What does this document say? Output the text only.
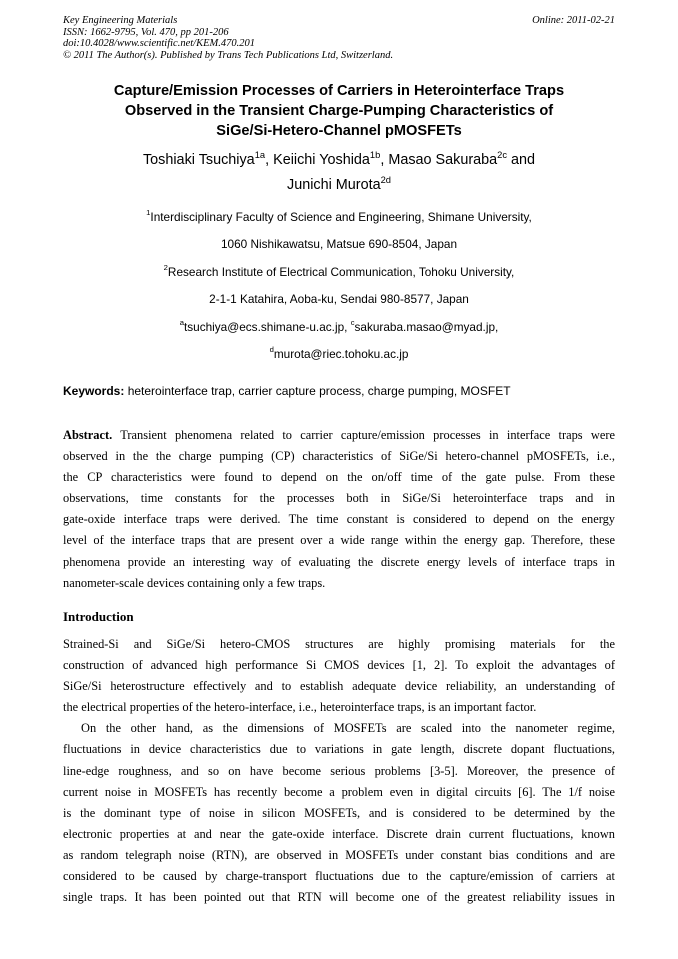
Key Engineering Materials
ISSN: 1662-9795, Vol. 470, pp 201-206
doi:10.4028/www.scientific.net/KEM.470.201
© 2011 The Author(s). Published by Trans Tech Publications Ltd, Switzerland.
Online: 2011-02-21
Capture/Emission Processes of Carriers in Heterointerface Traps
Observed in the Transient Charge-Pumping Characteristics of
SiGe/Si-Hetero-Channel pMOSFETs
Toshiaki Tsuchiya$^{1a}$, Keiichi Yoshida$^{1b}$, Masao Sakuraba$^{2c}$ and
Junichi Murota$^{2d}$
$^1$Interdisciplinary Faculty of Science and Engineering, Shimane University,
1060 Nishikawatsu, Matsue 690-8504, Japan
$^2$Research Institute of Electrical Communication, Tohoku University,
2-1-1 Katahira, Aoba-ku, Sendai 980-8577, Japan
$^a$tsuchiya@ecs.shimane-u.ac.jp, $^c$sakuraba.masao@myad.jp,
$^d$murota@riec.tohoku.ac.jp
Keywords: heterointerface trap, carrier capture process, charge pumping, MOSFET
Abstract. Transient phenomena related to carrier capture/emission processes in interface traps were
observed in the the charge pumping (CP) characteristics of SiGe/Si hetero-channel pMOSFETs, i.e.,
the CP characteristics were found to depend on the on/off time of the gate pulse. From these
observations, time constants for the processes both in SiGe/Si heterointerface traps and in
gate-oxide interface traps were derived. The time constant is considered to depend on the energy
level of the interface traps that are present over a wide range within the energy gap. Therefore, these
phenomena provide an interesting way of evaluating the discrete energy levels of interface traps in
nanometer-scale devices containing only a few traps.
Introduction
Strained-Si and SiGe/Si hetero-CMOS structures are highly promising materials for the
construction of advanced high performance Si CMOS devices [1, 2]. To exploit the advantages of
SiGe/Si heterostructure effectively and to establish adequate device reliability, an understanding of
the electrical properties of the hetero-interface, i.e., heterointerface traps, is an important factor.
On the other hand, as the dimensions of MOSFETs are scaled into the nanometer regime,
fluctuations in device characteristics due to variations in gate length, discrete dopant fluctuations,
line-edge roughness, and so on have become serious problems [3-5]. Moreover, the presence of
current noise in MOSFETs has recently become a problem even in digital circuits [6]. The 1/f noise
is the dominant type of noise in silicon MOSFETs, and is considered to be determined by the
electronic properties at and near the gate-oxide interface. Discrete drain current fluctuations, known
as random telegraph noise (RTN), are observed in MOSFETs under constant bias conditions and are
considered to be caused by charge-transport fluctuations due to the capture/emission of carriers at
single traps. It has been pointed out that RTN will become one of the greatest reliability issues in
